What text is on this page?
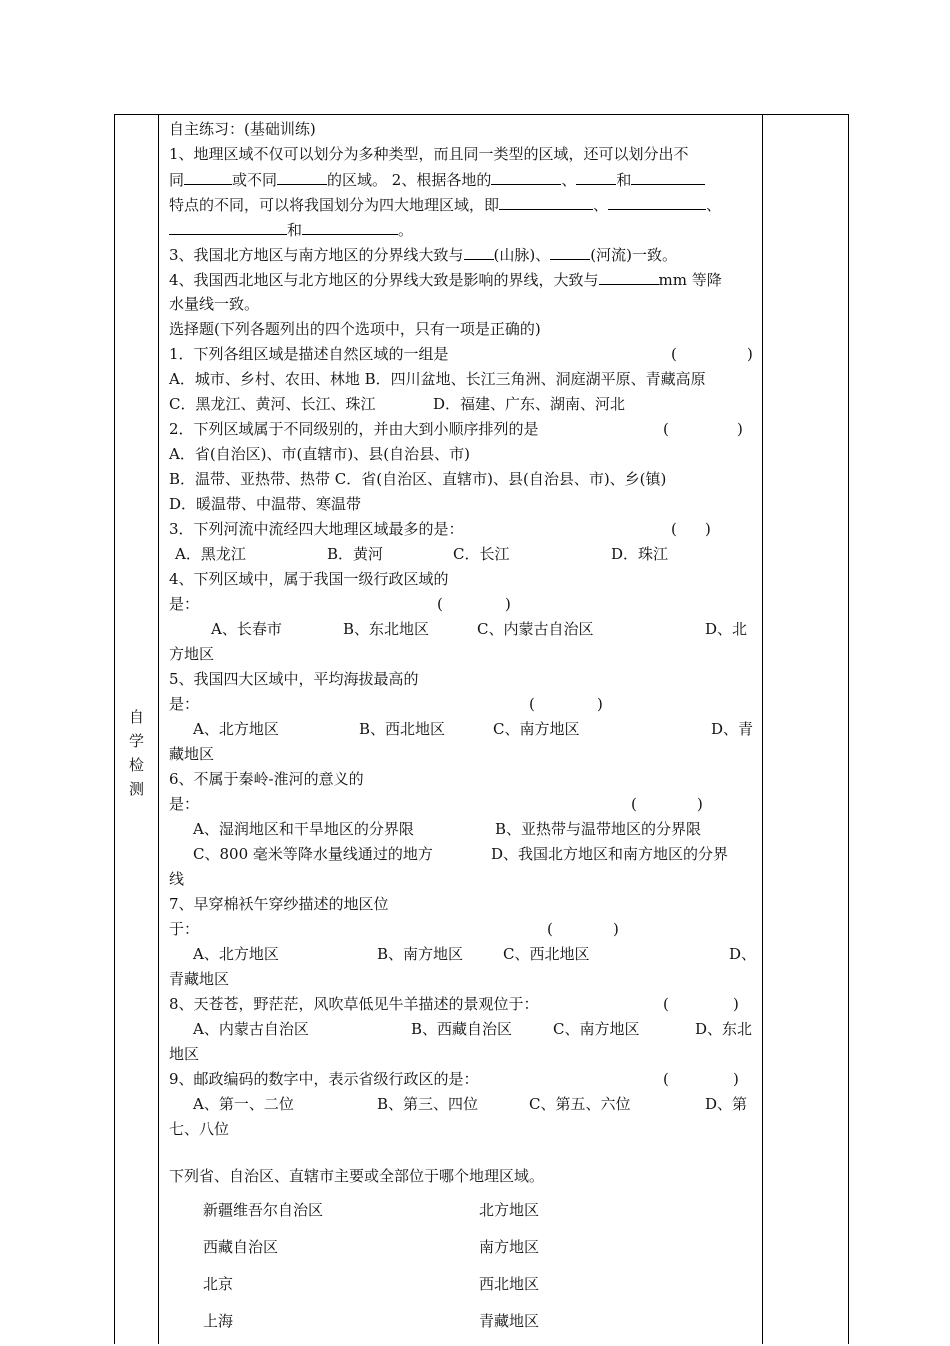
自
学
检
测
自主练习：(基础训练)
1、地理区域不仅可以划分为多种类型，而且同一类型的区域，还可以划分出不
同	或不同	的区域。 2、根据各地的	、	和
特点的不同，可以将我国划分为四大地理区域，即	、	、
和	。
3、我国北方地区与南方地区的分界线大致与 (山脉)、	(河流)一致。
4、我国西北地区与北方地区的分界线大致是影响的界线，大致与	mm 等降
水量线一致。
选择题(下列各题列出的四个选项中，只有一项是正确的)
1．下列各组区域是描述自然区域的一组是	(	)
A．城市、乡村、农田、林地 B．四川盆地、长江三角洲、洞庭湖平原、青藏高原
C．黑龙江、黄河、长江、珠江	D．福建、广东、湖南、河北
2．下列区域属于不同级别的，并由大到小顺序排列的是	(	)
A．省(自治区)、市(直辖市)、县(自治县、市)
B．温带、亚热带、热带 C．省(自治区、直辖市)、县(自治县、市)、乡(镇)
D．暖温带、中温带、寒温带
3．下列河流中流经四大地理区域最多的是：	( )
A．黑龙江	B．黄河	C．长江	D．珠江
4、下列区域中，属于我国一级行政区域的
是：	(	)
A、长春市	B、东北地区	C、内蒙古自治区	D、北
方地区
5、我国四大区域中，平均海拔最高的
是：	(	)
A、北方地区	B、西北地区	C、南方地区	D、青
藏地区
6、不属于秦岭-淮河的意义的
是：	(	)
A、湿润地区和干旱地区的分界限	B、亚热带与温带地区的分界限
C、800 毫米等降水量线通过的地方	D、我国北方地区和南方地区的分界
线
7、早穿棉袄午穿纱描述的地区位
于：	(	)
A、北方地区	B、南方地区	C、西北地区	D、
青藏地区
8、天苍苍，野茫茫，风吹草低见牛羊描述的景观位于：	(	)
A、内蒙古自治区	B、西藏自治区	C、南方地区	D、东北
地区
9、邮政编码的数字中，表示省级行政区的是：	(	)
A、第一、二位	B、第三、四位	C、第五、六位	D、第
七、八位
下列省、自治区、直辖市主要或全部位于哪个地理区域。
新疆维吾尔自治区	北方地区
西藏自治区	南方地区
北京	西北地区
上海	青藏地区
